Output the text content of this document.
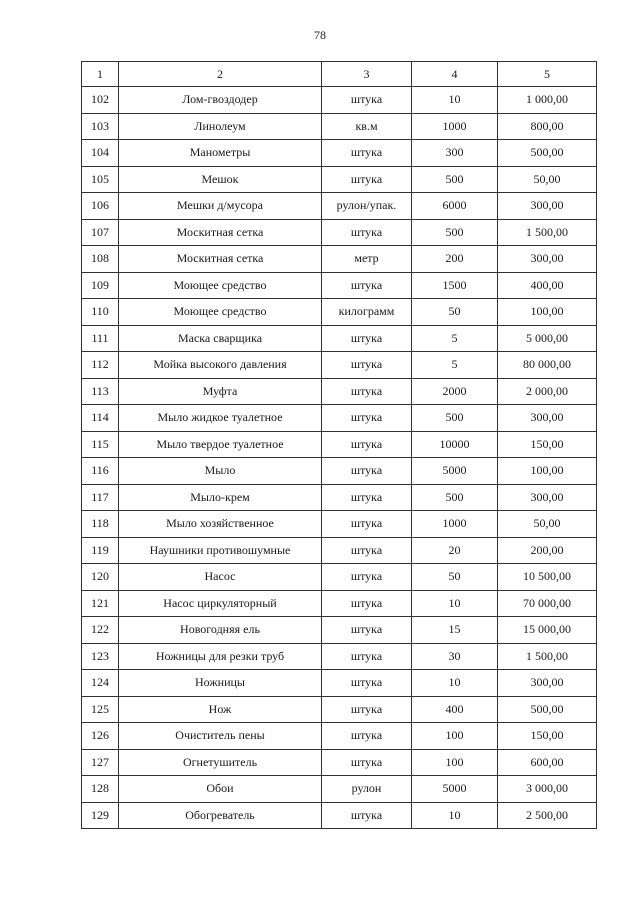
78
1	2	3	4	5
102	Лом-гвоздодер	штука	10	1 000,00
103	Линолеум	кв.м	1000	800,00
104	Манометры	штука	300	500,00
105	Мешок	штука	500	50,00
106	Мешки д/мусора	рулон/упак.	6000	300,00
107	Москитная сетка	штука	500	1 500,00
108	Москитная сетка	метр	200	300,00
109	Моющее средство	штука	1500	400,00
110	Моющее средство	килограмм	50	100,00
111	Маска сварщика	штука	5	5 000,00
112	Мойка высокого давления	штука	5	80 000,00
113	Муфта	штука	2000	2 000,00
114	Мыло жидкое туалетное	штука	500	300,00
115	Мыло твердое туалетное	штука	10000	150,00
116	Мыло	штука	5000	100,00
117	Мыло-крем	штука	500	300,00
118	Мыло хозяйственное	штука	1000	50,00
119	Наушники противошумные	штука	20	200,00
120	Насос	штука	50	10 500,00
121	Насос циркуляторный	штука	10	70 000,00
122	Новогодняя ель	штука	15	15 000,00
123	Ножницы для резки труб	штука	30	1 500,00
124	Ножницы	штука	10	300,00
125	Нож	штука	400	500,00
126	Очиститель пены	штука	100	150,00
127	Огнетушитель	штука	100	600,00
128	Обои	рулон	5000	3 000,00
129	Обогреватель	штука	10	2 500,00
